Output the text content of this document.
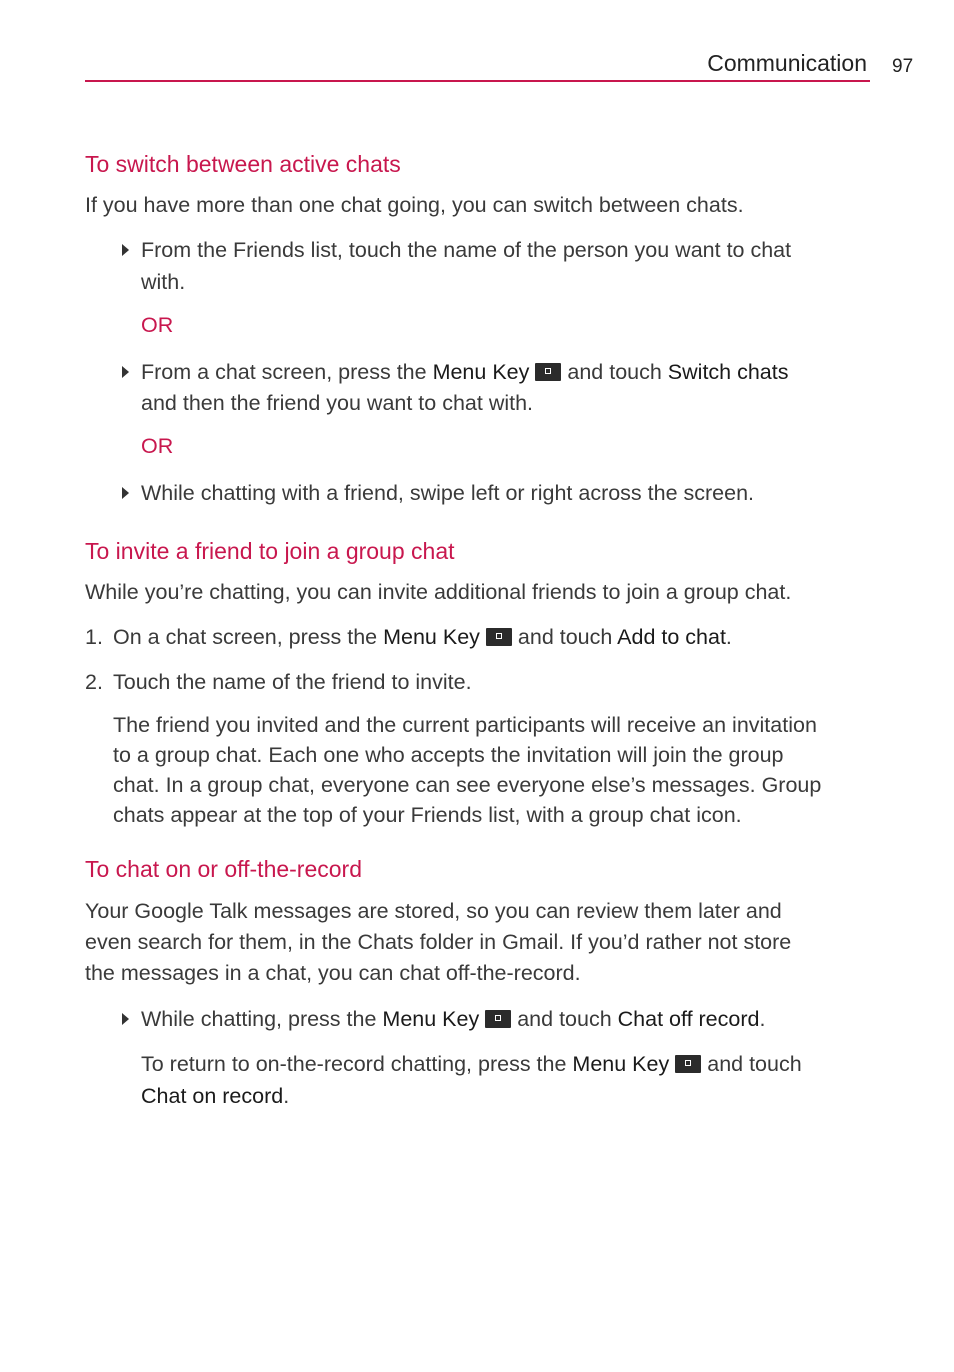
Communication 97
To switch between active chats
If you have more than one chat going, you can switch between chats.
From the Friends list, touch the name of the person you want to chat
with.
OR
From a chat screen, press the Menu Key and touch Switch chats
and then the friend you want to chat with.
OR
While chatting with a friend, swipe left or right across the screen.
To invite a friend to join a group chat
While you’re chatting, you can invite additional friends to join a group chat.
1. On a chat screen, press the Menu Key and touch Add to chat.
2. Touch the name of the friend to invite.
The friend you invited and the current participants will receive an invitation
to a group chat. Each one who accepts the invitation will join the group
chat. In a group chat, everyone can see everyone else’s messages. Group
chats appear at the top of your Friends list, with a group chat icon.
To chat on or off-the-record
Your Google Talk messages are stored, so you can review them later and
even search for them, in the Chats folder in Gmail. If you’d rather not store
the messages in a chat, you can chat off-the-record.
While chatting, press the Menu Key and touch Chat off record.
To return to on-the-record chatting, press the Menu Key and touch
Chat on record.
